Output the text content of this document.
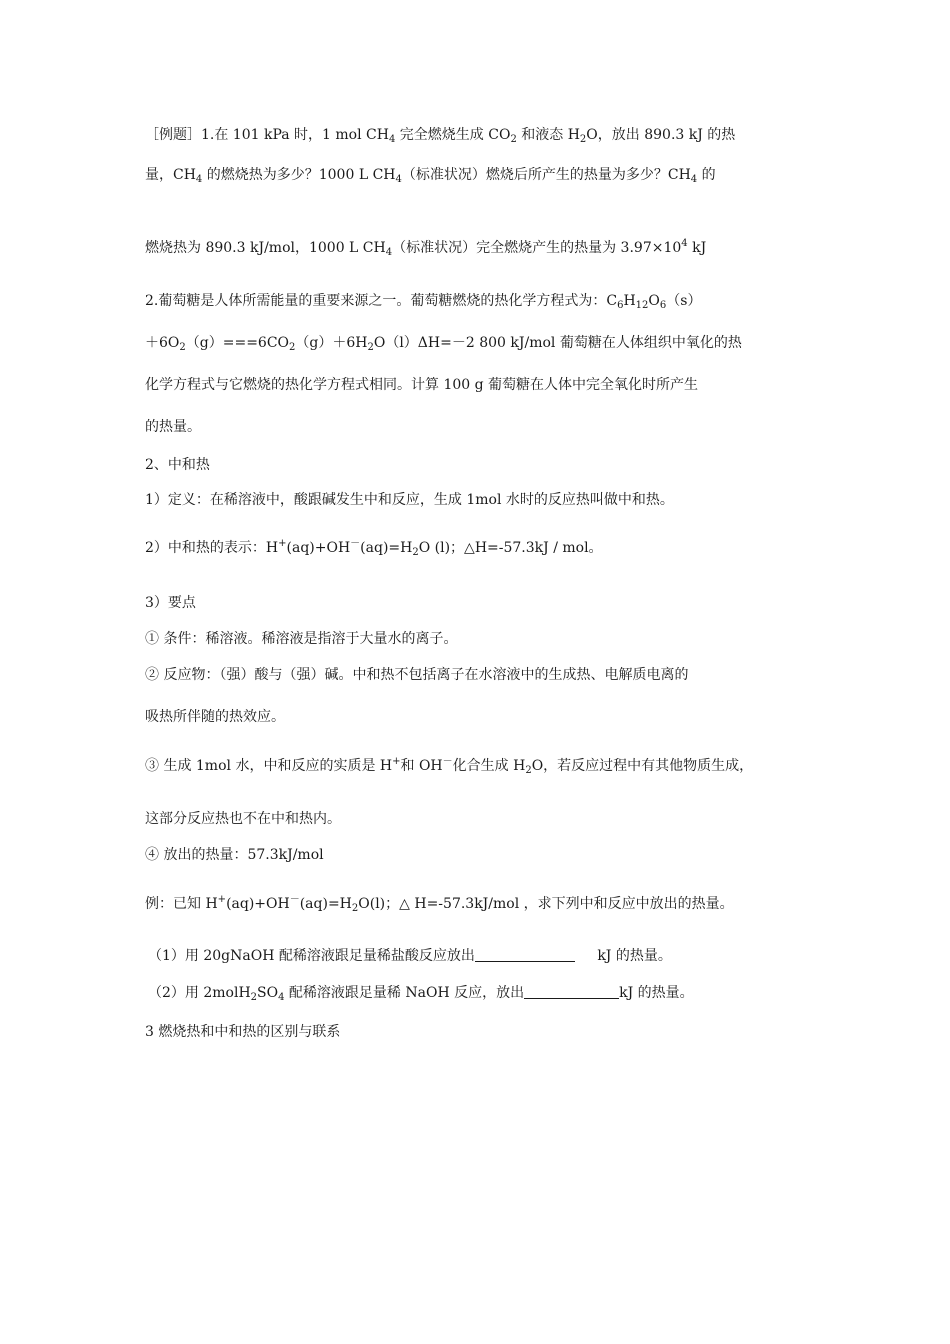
［例题］1.在 101 kPa 时，1 mol $CH_4$ 完全燃烧生成 $CO_2$ 和液态 $H_2O$，放出 890.3 kJ 的热
量，$CH_4$ 的燃烧热为多少？1000 L $CH_4$（标准状况）燃烧后所产生的热量为多少？$CH_4$ 的
燃烧热为 890.3 kJ/mol，1000 L $CH_4$（标准状况）完全燃烧产生的热量为 $3.97\times 10^4$ kJ
2.葡萄糖是人体所需能量的重要来源之一。葡萄糖燃烧的热化学方程式为：$C_6H_{12}O_6(s)$
$+6O_2(g)===6CO_2(g)+6H_2O(l)\Delta H=-2$ 800 kJ/mol 葡萄糖在人体组织中氧化的热
化学方程式与它燃烧的热化学方程式相同。计算 100 g 葡萄糖在人体中完全氧化时所产生
的热量。
2、中和热
1）定义：在稀溶液中，酸跟碱发生中和反应，生成 1mol 水时的反应热叫做中和热。
2）中和热的表示：$H^+(aq)+OH^-(aq)=H_2O$ (l)；△H=-57.3kJ / mol。
3）要点
① 条件：稀溶液。稀溶液是指溶于大量水的离子。
② 反应物：（强）酸与（强）碱。中和热不包括离子在水溶液中的生成热、电解质电离的
吸热所伴随的热效应。
③ 生成 1mol 水，中和反应的实质是 H+和 OH－化合生成 $H_2O$，若反应过程中有其他物质生成，
这部分反应热也不在中和热内。
④ 放出的热量：57.3kJ/mol
例：已知 $H^+(aq)+OH^-(aq)=H_2O(l)$；△ H=-57.3kJ/mol ，求下列中和反应中放出的热量。
（1）用 20gNaOH 配稀溶液跟足量稀盐酸反应放出	kJ 的热量。
（2）用 $2molH_2SO_4$ 配稀溶液跟足量稀 NaOH 反应，放出	kJ 的热量。
3 燃烧热和中和热的区别与联系
